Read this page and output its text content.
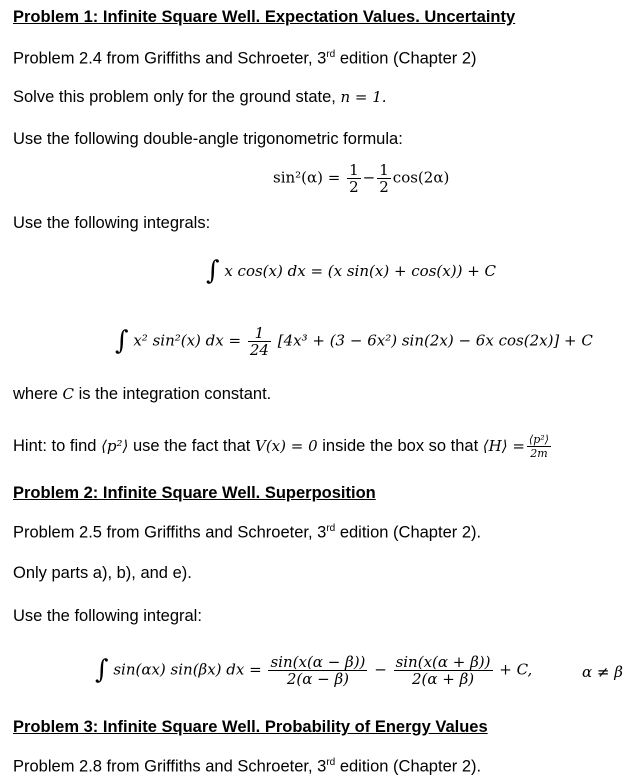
Problem 1: Infinite Square Well. Expectation Values. Uncertainty
Problem 2.4 from Griffiths and Schroeter, 3rd edition (Chapter 2)
Solve this problem only for the ground state, n = 1.
Use the following double-angle trigonometric formula:
$\sin^2(\alpha) = \frac{1}{2} - \frac{1}{2} \cos(2\alpha)$
Use the following integrals:
∫ x cos(x) dx = (x sin(x) + cos(x)) + C
∫ x² sin²(x) dx = $\frac{1}{24} [4x^3 + (3 - 6x^2) \sin(2x) - 6x$ cos(2x)] + C
where C is the integration constant.
Hint: to find ⟨p²⟩ use the fact that V(x) = 0 inside the box so that ⟨H⟩ = $\frac{\text{⟨p²⟩}}{2m}$
Problem 2: Infinite Square Well. Superposition
Problem 2.5 from Griffiths and Schroeter, 3rd edition (Chapter 2).
Only parts a), b), and e).
Use the following integral:
∫ sin(αx) sin(βx) dx = $\frac{\sin(x(\alpha - \beta))}{2(\alpha - \beta)} - \frac{\sin(x(\alpha + \beta))}{2(\alpha + \beta)} + C$,	α ≠ β
Problem 3: Infinite Square Well. Probability of Energy Values
Problem 2.8 from Griffiths and Schroeter, 3rd edition (Chapter 2).
